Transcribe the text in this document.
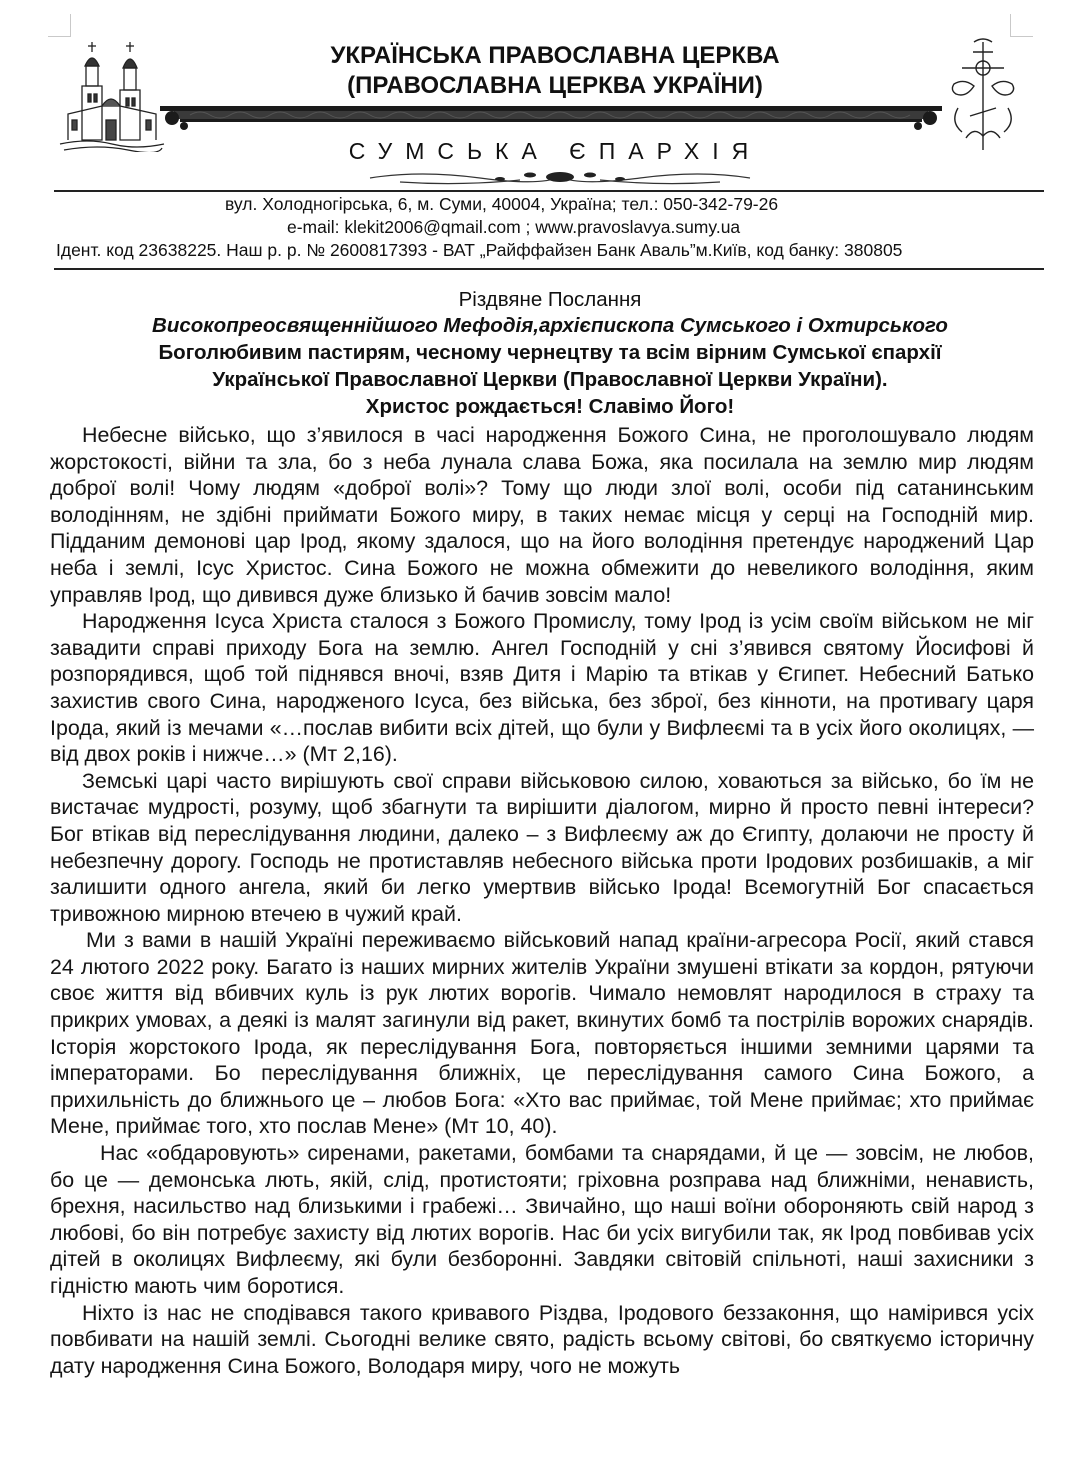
УКРАЇНСЬКА ПРАВОСЛАВНА ЦЕРКВА
(ПРАВОСЛАВНА ЦЕРКВА УКРАЇНИ)
СУМСЬКА ЄПАРХІЯ
вул. Холодногірська, 6, м. Суми, 40004, Україна; тел.: 050-342-79-26
e-mail: klekit2006@qmail.com ; www.pravoslavya.sumy.ua
Ідент. код 23638225. Наш р. р. № 2600817393 - ВАТ „Райффайзен Банк Аваль”м.Київ, код банку: 380805
Різдвяне Послання
Високопреосвященнійшого Мефодія,архієпископа Сумського і Охтирського
Боголюбивим пастирям, чесному чернецтву та всім вірним Сумської єпархії
Української Православної Церкви (Православної Церкви України).
Христос рождається! Славімо Його!

Небесне військо, що з’явилося в часі народження Божого Сина, не проголошувало людям жорстокості, війни та зла, бо з неба лунала слава Божа, яка посилала на землю мир людям доброї волі! Чому людям «доброї волі»? Тому що люди злої волі, особи під сатанинським володінням, не здібні приймати Божого миру, в таких немає місця у серці на Господній мир. Підданим демонові цар Ірод, якому здалося, що на його володіння претендує народжений Цар неба і землі, Ісус Христос. Сина Божого не можна обмежити до невеликого володіння, яким управляв Ірод, що дивився дуже близько й бачив зовсім мало!

Народження Ісуса Христа сталося з Божого Промислу, тому Ірод із усім своїм військом не міг завадити справі приходу Бога на землю. Ангел Господній у сні з’явився святому Йосифові й розпорядився, щоб той піднявся вночі, взяв Дитя і Марію та втікав у Єгипет. Небесний Батько захистив свого Сина, народженого Ісуса, без війська, без зброї, без кінноти, на противагу царя Ірода, який із мечами «…послав вибити всіх дітей, що були у Вифлеємі та в усіх його околицях, — від двох років і нижче…» (Мт 2,16).

Земські царі часто вирішують свої справи військовою силою, ховаються за військо, бо їм не вистачає мудрості, розуму, щоб збагнути та вирішити діалогом, мирно й просто певні інтереси? Бог втікав від переслідування людини, далеко – з Вифлеєму аж до Єгипту, долаючи не просту й небезпечну дорогу. Господь не протиставляв небесного війська проти Іродових розбишаків, а міг залишити одного ангела, який би легко умертвив військо Ірода! Всемогутній Бог спасається тривожною мирною втечею в чужий край.

Ми з вами в нашій Україні переживаємо військовий напад країни-агресора Росії, який стався 24 лютого 2022 року. Багато із наших мирних жителів України змушені втікати за кордон, рятуючи своє життя від вбивчих куль із рук лютих ворогів. Чимало немовлят народилося в страху та прикрих умовах, а деякі із малят загинули від ракет, вкинутих бомб та пострілів ворожих снарядів. Історія жорстокого Ірода, як переслідування Бога, повторяється іншими земними царями та імператорами. Бо переслідування ближніх, це переслідування самого Сина Божого, а прихильність до ближнього це – любов Бога: «Хто вас приймає, той Мене приймає; хто приймає Мене, приймає того, хто послав Мене» (Мт 10, 40).

Нас «обдаровують» сиренами, ракетами, бомбами та снарядами, й це — зовсім, не любов, бо це — демонська лють, якій, слід, протистояти; гріховна розправа над ближніми, ненависть, брехня, насильство над близькими і грабежі… Звичайно, що наші воїни обороняють свій народ з любові, бо він потребує захисту від лютих ворогів. Нас би усіх вигубили так, як Ірод повбивав усіх дітей в околицях Вифлеєму, які були безборонні. Завдяки світовій спільноті, наші захисники з гідністю мають чим боротися.

Ніхто із нас не сподівався такого кривавого Різдва, Іродового беззаконня, що намірився усіх повбивати на нашій землі. Сьогодні велике свято, радість всьому світові, бо святкуємо історичну дату народження Сина Божого, Володаря миру, чого не можуть
